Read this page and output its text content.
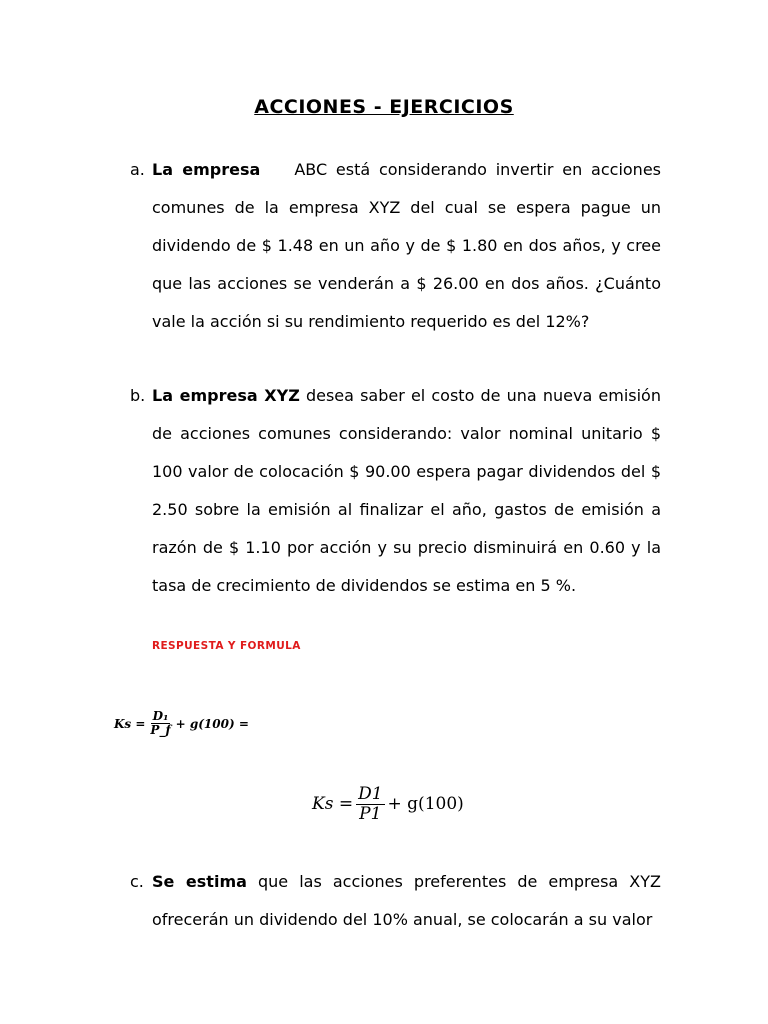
ACCIONES - EJERCICIOS
a. La empresa ABC está considerando invertir en acciones comunes de la empresa XYZ del cual se espera pague un dividendo de $ 1.48 en un año y de $ 1.80 en dos años, y cree que las acciones se venderán a $ 26.00 en dos años. ¿Cuánto vale la acción si su rendimiento requerido es del 12%?
b. La empresa XYZ desea saber el costo de una nueva emisión de acciones comunes considerando: valor nominal unitario $ 100 valor de colocación $ 90.00 espera pagar dividendos del $ 2.50 sobre la emisión al finalizar el año, gastos de emisión a razón de $ 1.10 por acción y su precio disminuirá en 0.60 y la tasa de crecimiento de dividendos se estima en 5 %.
RESPUESTA Y FORMULA
$Ks = \frac{\text{D₁}}{P\_f} + g(100)$ =
$Ks = \frac{D1}{P1} + g(100)$
c. Se estima que las acciones preferentes de empresa XYZ ofrecerán un dividendo del 10% anual, se colocarán a su valor
